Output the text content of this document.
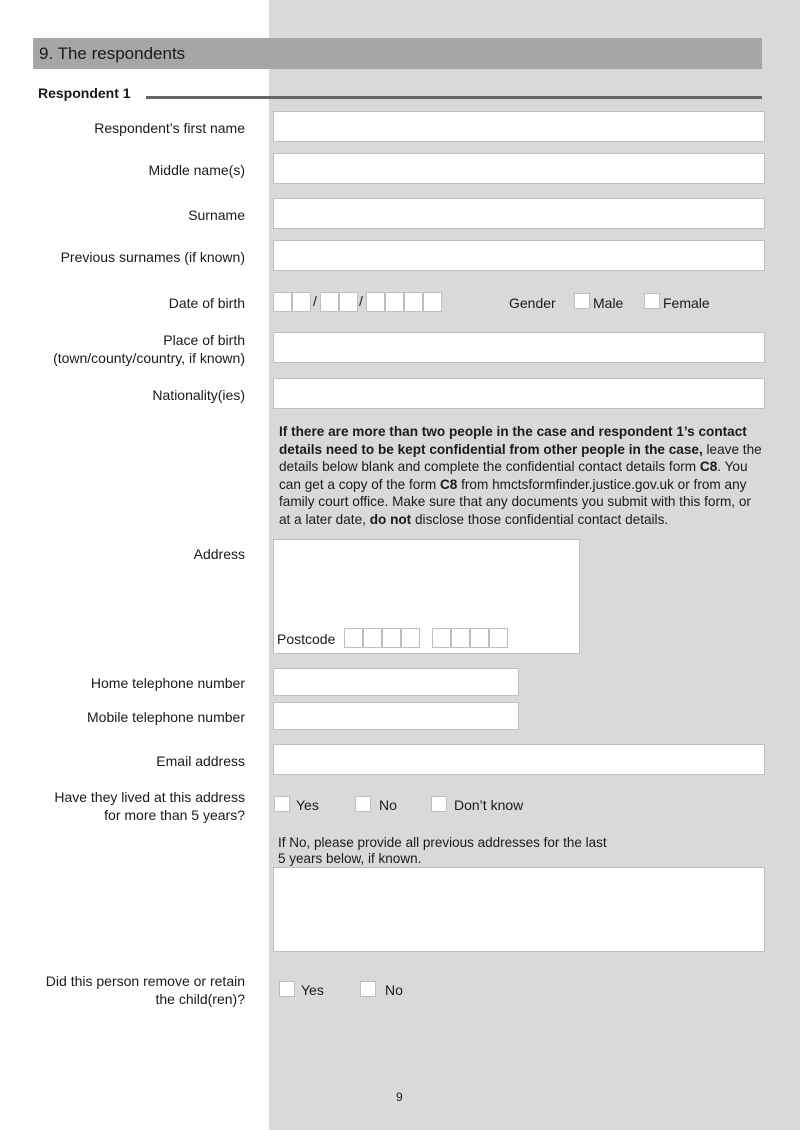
9. The respondents
Respondent 1
Respondent’s first name
Middle name(s)
Surname
Previous surnames (if known)
Date of birth	/	/	Gender	Male	Female
Place of birth
(town/county/country, if known)
Nationality(ies)
If there are more than two people in the case and respondent 1’s contact details need to be kept confidential from other people in the case, leave the details below blank and complete the confidential contact details form C8. You can get a copy of the form C8 from hmctsformfinder.justice.gov.uk or from any family court office. Make sure that any documents you submit with this form, or at a later date, do not disclose those confidential contact details.
Address
Postcode
Home telephone number
Mobile telephone number
Email address
Have they lived at this address
for more than 5 years?
Yes	No	Don’t know
If No, please provide all previous addresses for the last 5 years below, if known.
Did this person remove or retain
the child(ren)?
Yes	No
9
